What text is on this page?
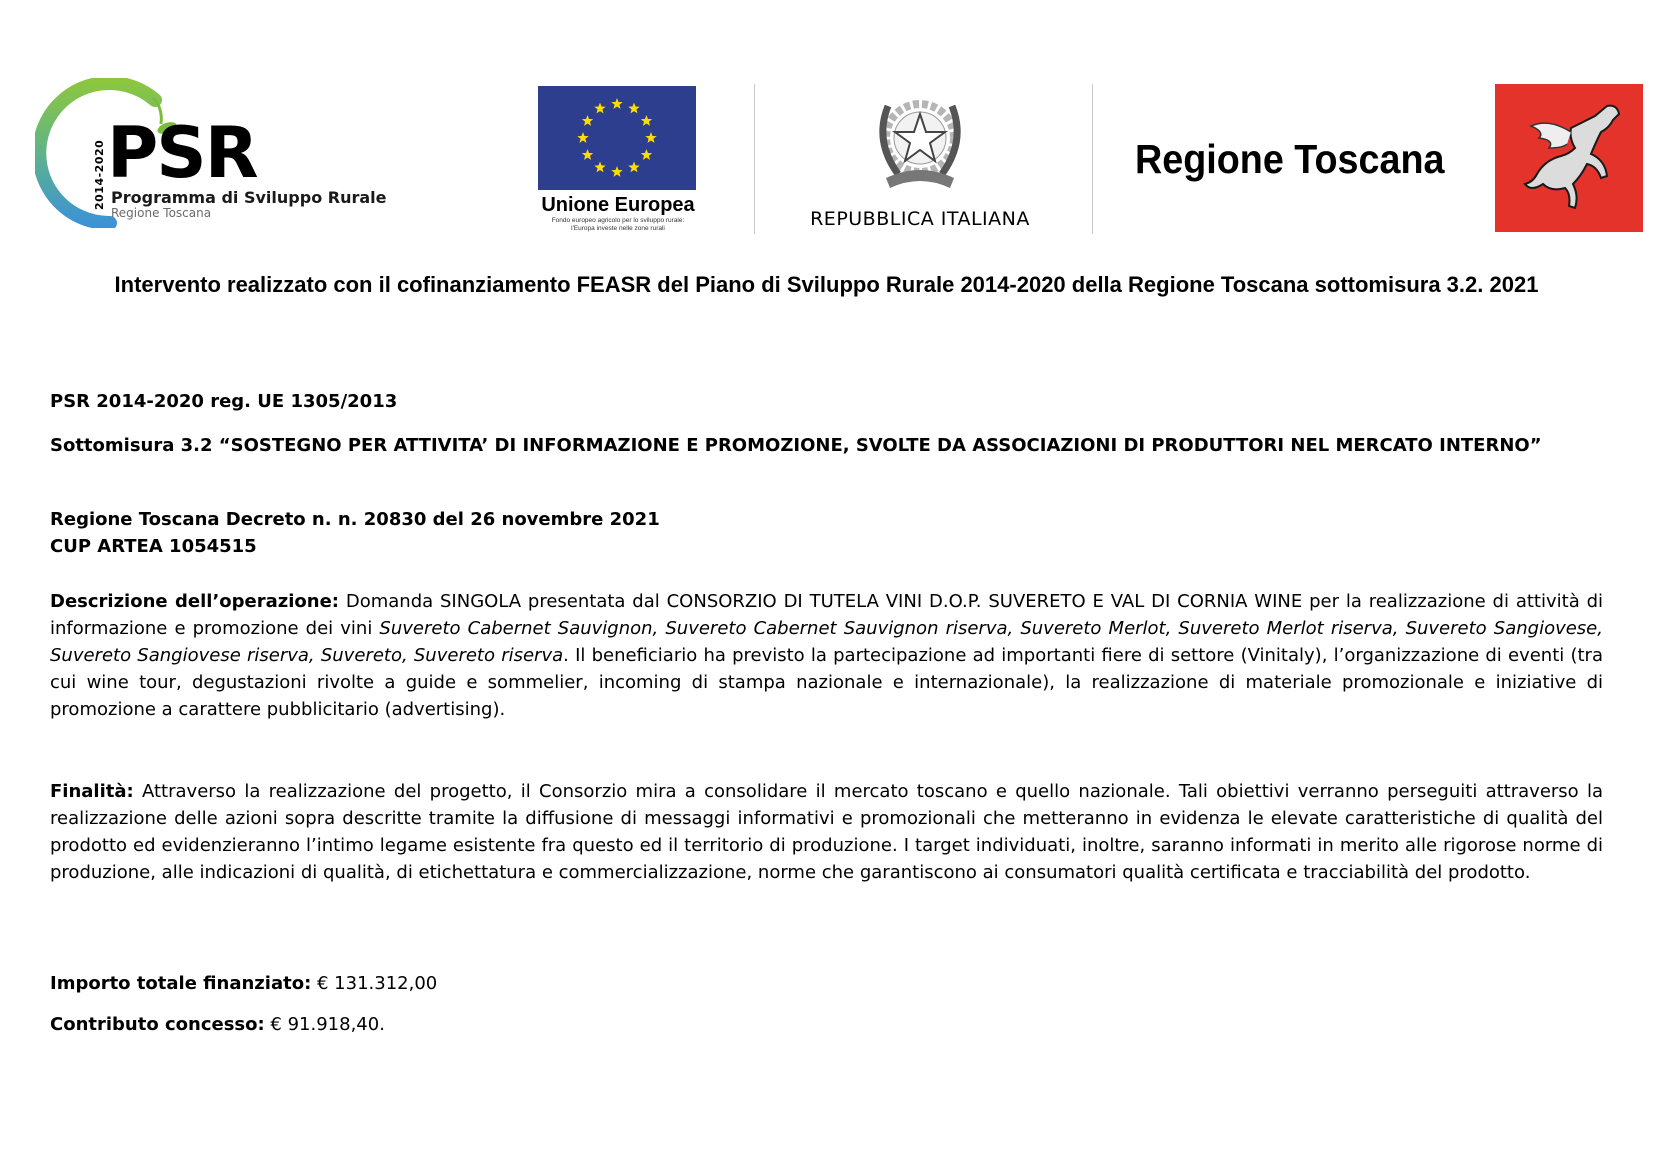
2014-2020 PSR
Programma di Sviluppo Rurale
Regione Toscana	Unione Europea
Fondo europeo agricolo per lo sviluppo rurale:
l'Europa investe nelle zone rurali	REPUBBLICA ITALIANA
Regione Toscana
Intervento realizzato con il cofinanziamento FEASR del Piano di Sviluppo Rurale 2014-2020 della Regione Toscana sottomisura 3.2. 2021
PSR 2014-2020 reg. UE 1305/2013
Sottomisura 3.2 “SOSTEGNO PER ATTIVITA’ DI INFORMAZIONE E PROMOZIONE, SVOLTE DA ASSOCIAZIONI DI PRODUTTORI NEL MERCATO INTERNO”
Regione Toscana Decreto n. n. 20830 del 26 novembre 2021
CUP ARTEA 1054515
Descrizione dell’operazione: Domanda SINGOLA presentata dal CONSORZIO DI TUTELA VINI D.O.P. SUVERETO E VAL DI CORNIA WINE per la realizzazione di attività di informazione e promozione dei vini Suvereto Cabernet Sauvignon, Suvereto Cabernet Sauvignon riserva, Suvereto Merlot, Suvereto Merlot riserva, Suvereto Sangiovese, Suvereto Sangiovese riserva, Suvereto, Suvereto riserva. Il beneficiario ha previsto la partecipazione ad importanti fiere di settore (Vinitaly), l’organizzazione di eventi (tra cui wine tour, degustazioni rivolte a guide e sommelier, incoming di stampa nazionale e internazionale), la realizzazione di materiale promozionale e iniziative di promozione a carattere pubblicitario (advertising).
Finalità: Attraverso la realizzazione del progetto, il Consorzio mira a consolidare il mercato toscano e quello nazionale. Tali obiettivi verranno perseguiti attraverso la realizzazione delle azioni sopra descritte tramite la diffusione di messaggi informativi e promozionali che metteranno in evidenza le elevate caratteristiche di qualità del prodotto ed evidenzieranno l’intimo legame esistente fra questo ed il territorio di produzione. I target individuati, inoltre, saranno informati in merito alle rigorose norme di produzione, alle indicazioni di qualità, di etichettatura e commercializzazione, norme che garantiscono ai consumatori qualità certificata e tracciabilità del prodotto.
Importo totale finanziato: € 131.312,00
Contributo concesso: € 91.918,40.
